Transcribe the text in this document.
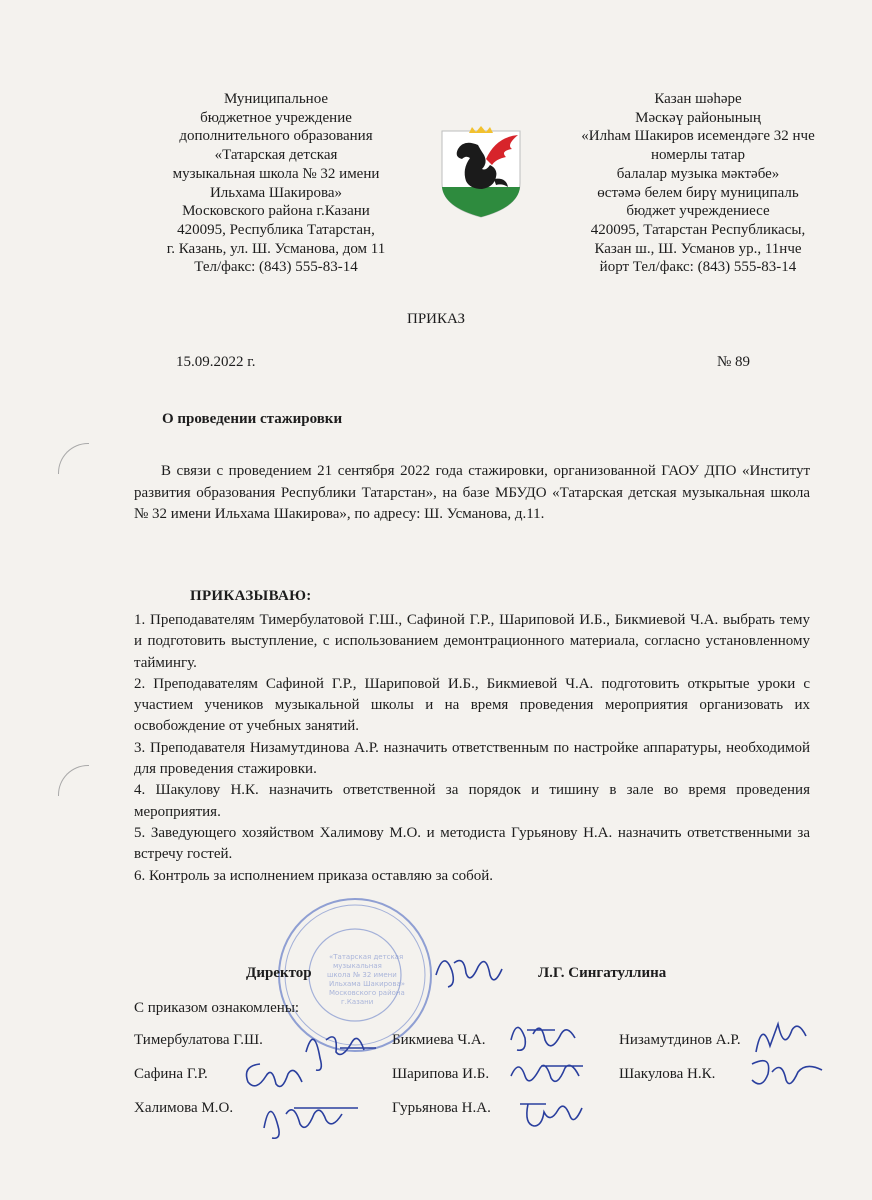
Муниципальное
бюджетное учреждение
дополнительного образования
«Татарская детская
музыкальная школа № 32 имени
Ильхама Шакирова»
Московского района г.Казани
420095, Республика Татарстан,
г. Казань, ул. Ш. Усманова, дом 11
Тел/факс: (843) 555-83-14
Казан шәһәре
Мәскәү районының
«Илһам Шакиров исемендәге 32 нче
номерлы татар
балалар музыка мәктәбе»
өстәмә белем бирү муниципаль
бюджет учреждениесе
420095, Татарстан Республикасы,
Казан ш., Ш. Усманов ур., 11нче
йорт Тел/факс: (843) 555-83-14
ПРИКАЗ
15.09.2022 г.	№ 89
О проведении стажировки
В связи с проведением 21 сентября 2022 года стажировки, организованной ГАОУ ДПО «Институт развития образования Республики Татарстан», на базе МБУДО «Татарская детская музыкальная школа № 32 имени Ильхама Шакирова», по адресу: Ш. Усманова, д.11.
ПРИКАЗЫВАЮ:

1. Преподавателям Тимербулатовой Г.Ш., Сафиной Г.Р., Шариповой И.Б., Бикмиевой Ч.А. выбрать тему и подготовить выступление, с использованием демонтрационного материала, согласно установленному таймингу.

2. Преподавателям Сафиной Г.Р., Шариповой И.Б., Бикмиевой Ч.А. подготовить открытые уроки с участием учеников музыкальной школы и на время проведения мероприятия организовать их освобождение от учебных занятий.

3. Преподавателя Низамутдинова А.Р. назначить ответственным по настройке аппаратуры, необходимой для проведения стажировки.

4. Шакулову Н.К. назначить ответственной за порядок и тишину в зале во время проведения мероприятия.

5. Заведующего хозяйством Халимову М.О. и методиста Гурьянову Н.А. назначить ответственными за встречу гостей.

6. Контроль за исполнением приказа оставляю за собой.

«Татарская детская
музыкальная
школа № 32 имени
Ильхама Шакирова»
Московского района
г.Казани
Директор	Л.Г. Сингатуллина
С приказом ознакомлены:
Тимербулатова Г.Ш.	Бикмиева Ч.А.	Низамутдинов А.Р.
Сафина Г.Р.	Шарипова И.Б.	Шакулова Н.К.
Халимова М.О.	Гурьянова Н.А.
